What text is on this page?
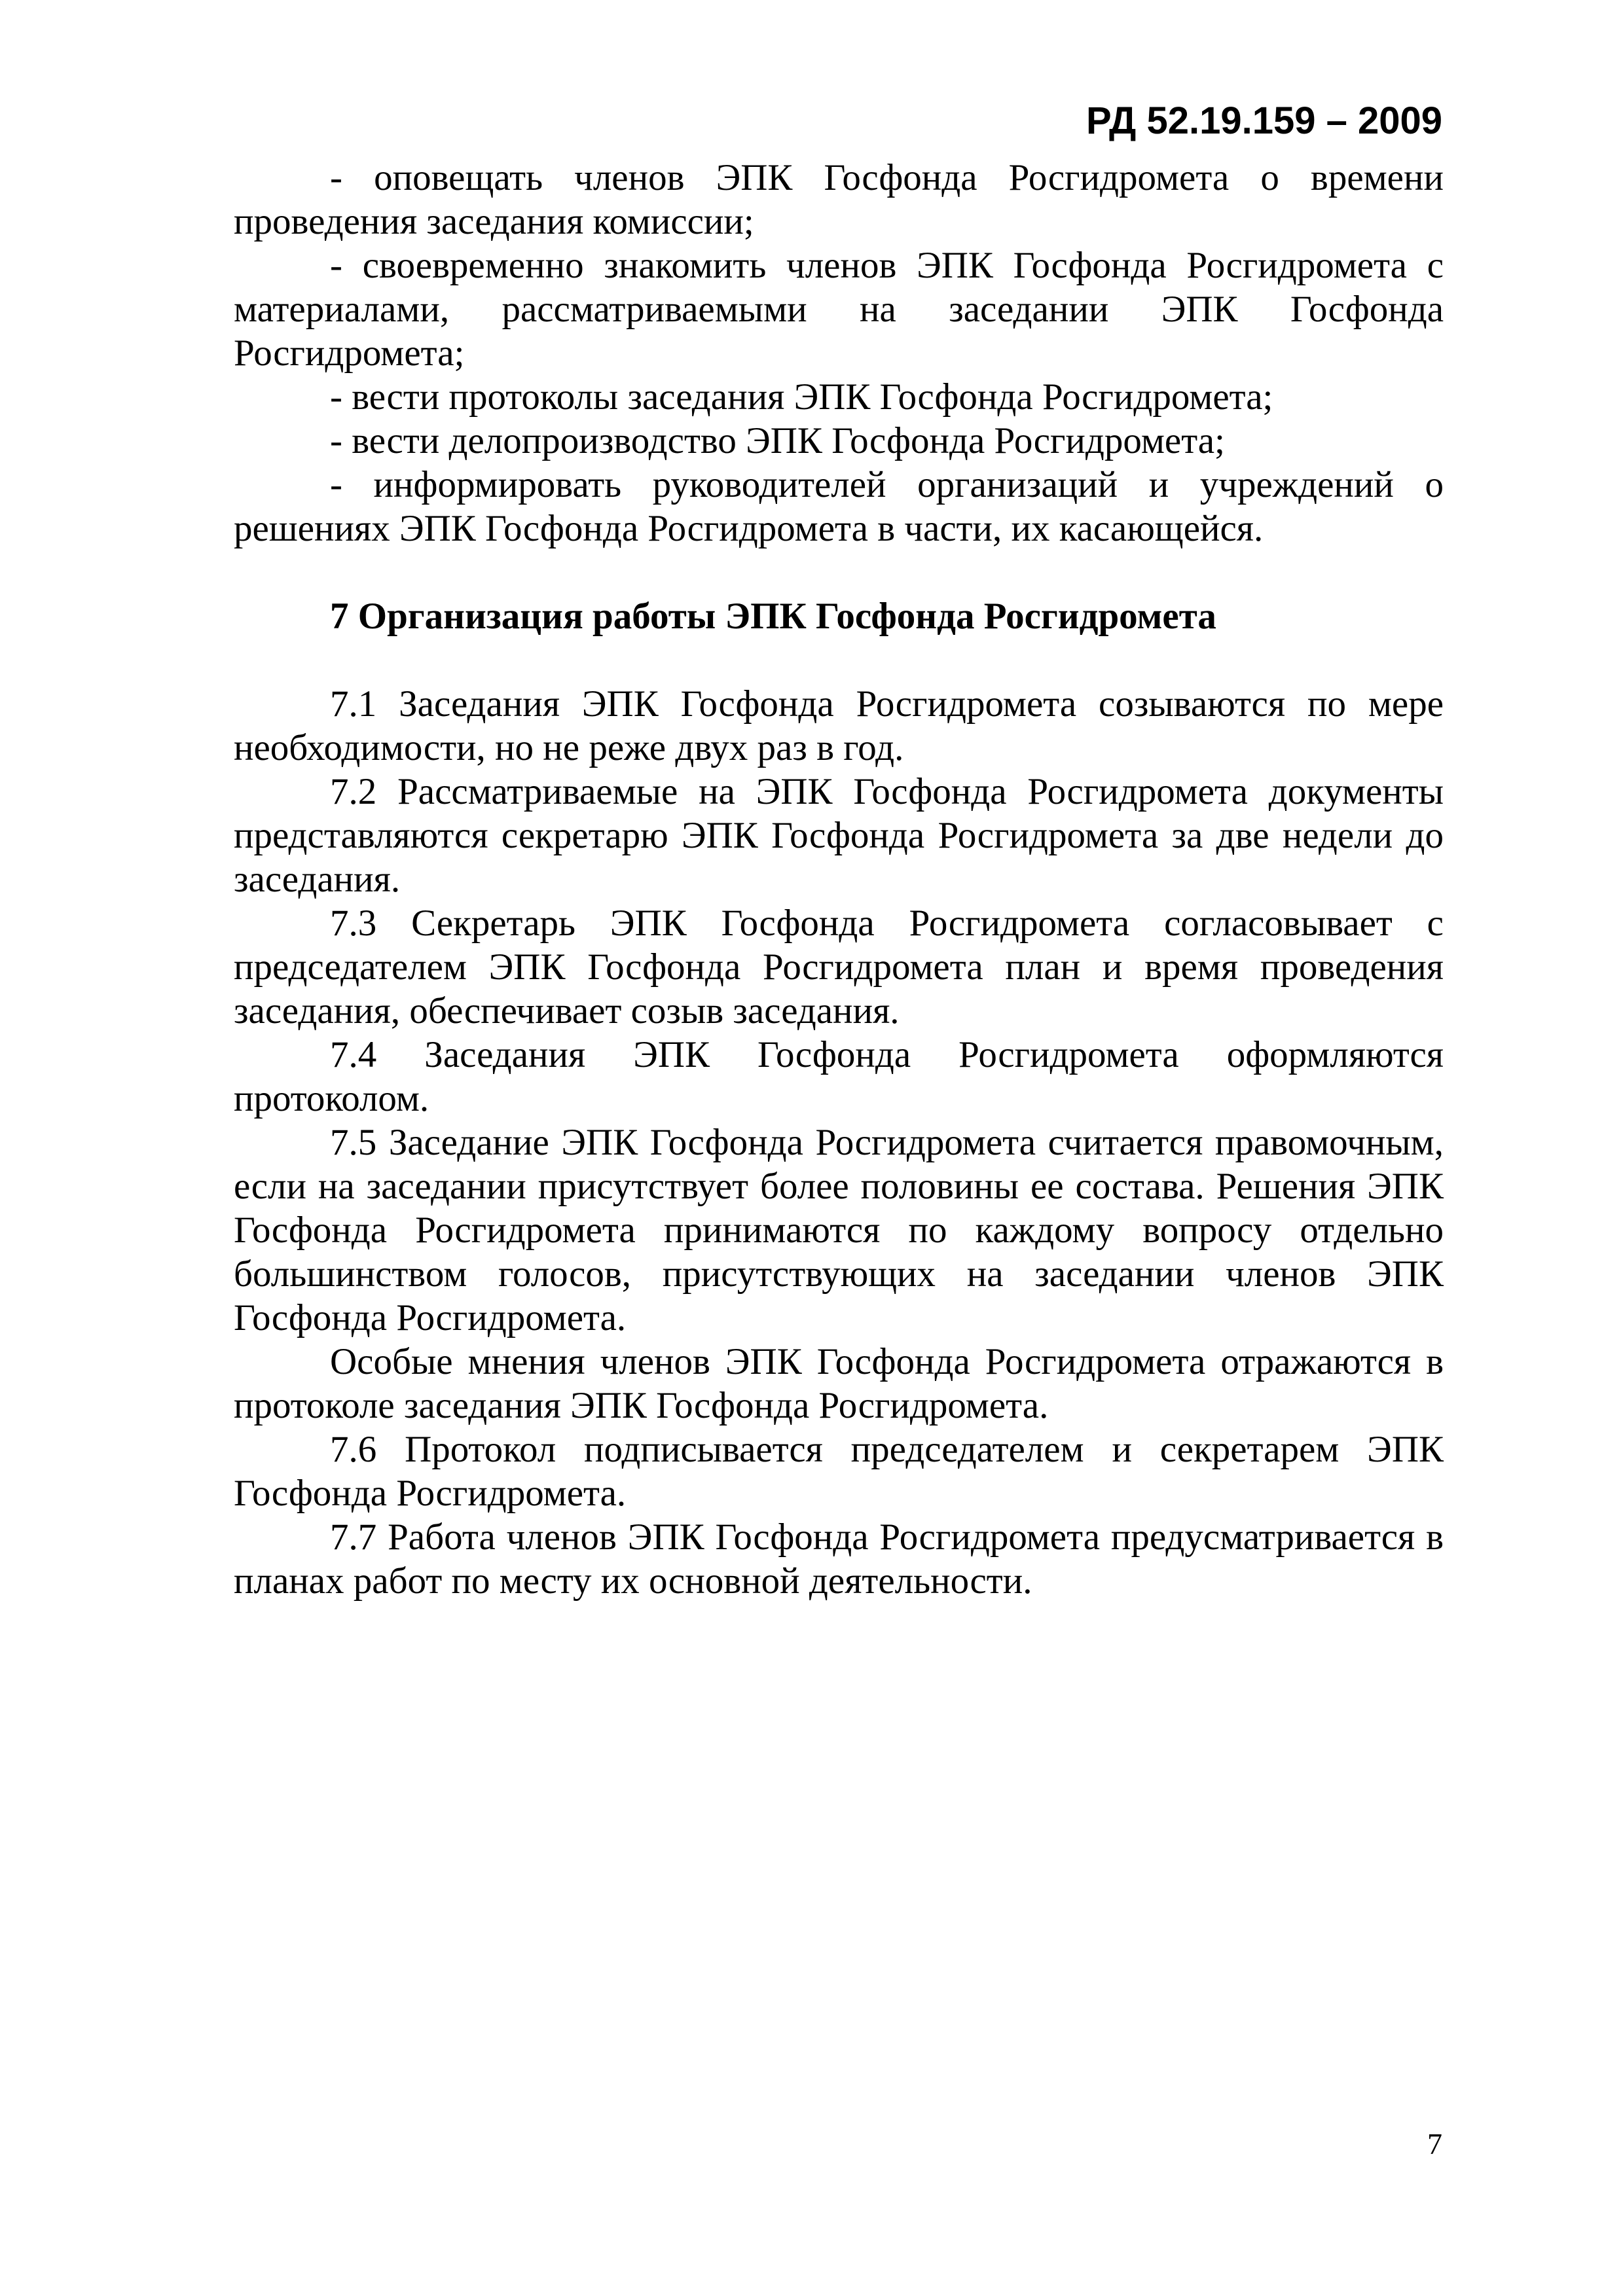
РД 52.19.159 – 2009

- оповещать членов ЭПК Госфонда Росгидромета о времени проведения заседания комиссии;

- своевременно знакомить членов ЭПК Госфонда Росгидромета с материалами, рассматриваемыми на заседании ЭПК Госфонда Росгидромета;

- вести протоколы заседания ЭПК Госфонда Росгидромета;

- вести делопроизводство ЭПК Госфонда Росгидромета;

- информировать руководителей организаций и учреждений о решениях ЭПК Госфонда Росгидромета в части, их касающейся.

7 Организация работы ЭПК Госфонда Росгидромета

7.1 Заседания ЭПК Госфонда Росгидромета созываются по мере необходимости, но не реже двух раз в год.

7.2 Рассматриваемые на ЭПК Госфонда Росгидромета документы представляются секретарю ЭПК Госфонда Росгидромета за две недели до заседания.

7.3 Секретарь ЭПК Госфонда Росгидромета согласовывает с председателем ЭПК Госфонда Росгидромета план и время проведения заседания, обеспечивает созыв заседания.

7.4 Заседания ЭПК Госфонда Росгидромета оформляются протоколом.

7.5 Заседание ЭПК Госфонда Росгидромета считается правомочным, если на заседании присутствует более половины ее состава. Решения ЭПК Госфонда Росгидромета принимаются по каждому вопросу отдельно большинством голосов, присутствующих на заседании членов ЭПК Госфонда Росгидромета.

Особые мнения членов ЭПК Госфонда Росгидромета отражаются в протоколе заседания ЭПК Госфонда Росгидромета.

7.6 Протокол подписывается председателем и секретарем ЭПК Госфонда Росгидромета.

7.7 Работа членов ЭПК Госфонда Росгидромета предусматривается в планах работ по месту их основной деятельности.

7
